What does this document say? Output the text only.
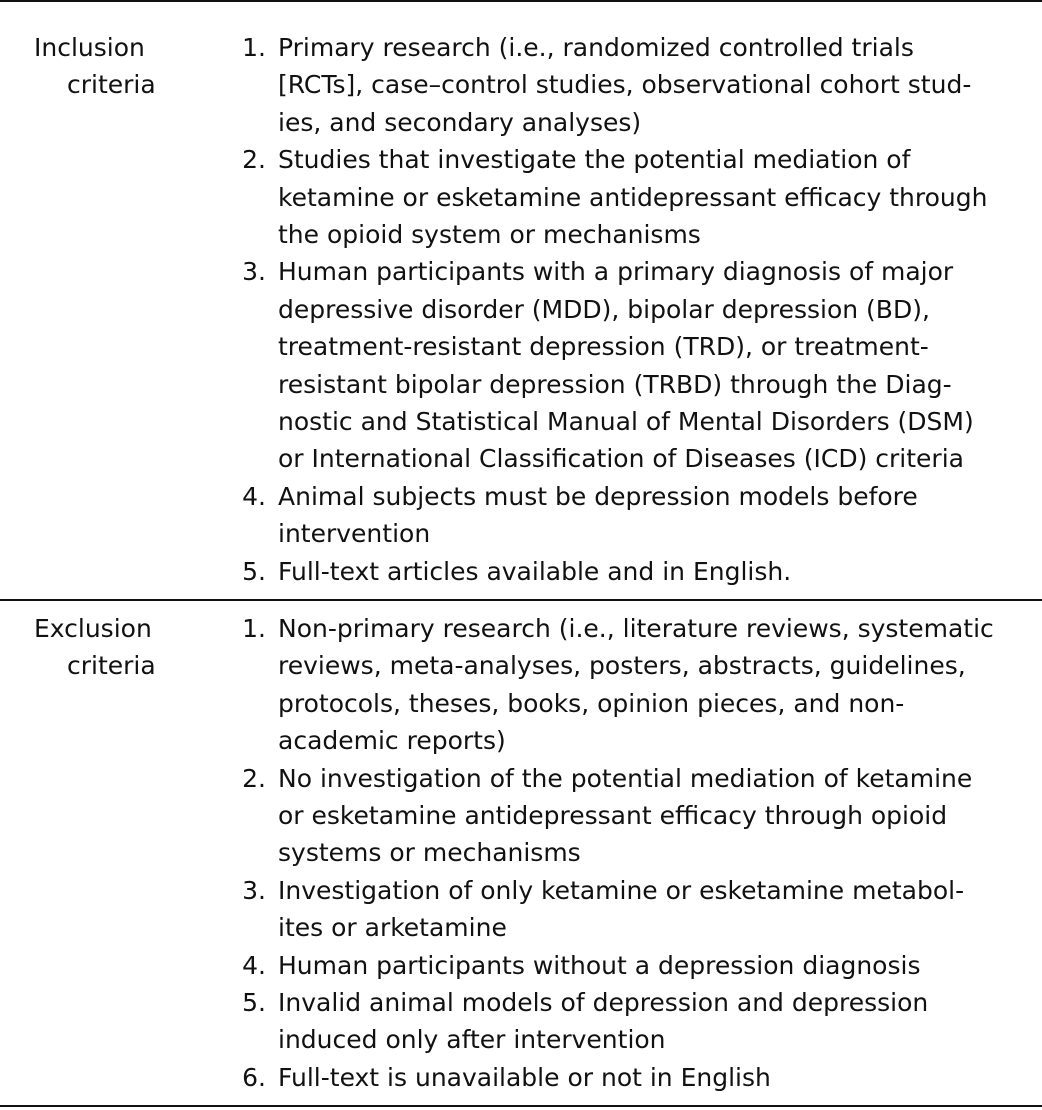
Inclusion
criteria
1. Primary research (i.e., randomized controlled trials
[RCTs], case–control studies, observational cohort stud-
ies, and secondary analyses)
2. Studies that investigate the potential mediation of
ketamine or esketamine antidepressant efficacy through
the opioid system or mechanisms
3. Human participants with a primary diagnosis of major
depressive disorder (MDD), bipolar depression (BD),
treatment-resistant depression (TRD), or treatment-
resistant bipolar depression (TRBD) through the Diag-
nostic and Statistical Manual of Mental Disorders (DSM)
or International Classification of Diseases (ICD) criteria
4. Animal subjects must be depression models before
intervention
5. Full-text articles available and in English.
Exclusion
criteria
1. Non-primary research (i.e., literature reviews, systematic
reviews, meta-analyses, posters, abstracts, guidelines,
protocols, theses, books, opinion pieces, and non-
academic reports)
2. No investigation of the potential mediation of ketamine
or esketamine antidepressant efficacy through opioid
systems or mechanisms
3. Investigation of only ketamine or esketamine metabol-
ites or arketamine
4. Human participants without a depression diagnosis
5. Invalid animal models of depression and depression
induced only after intervention
6. Full-text is unavailable or not in English
